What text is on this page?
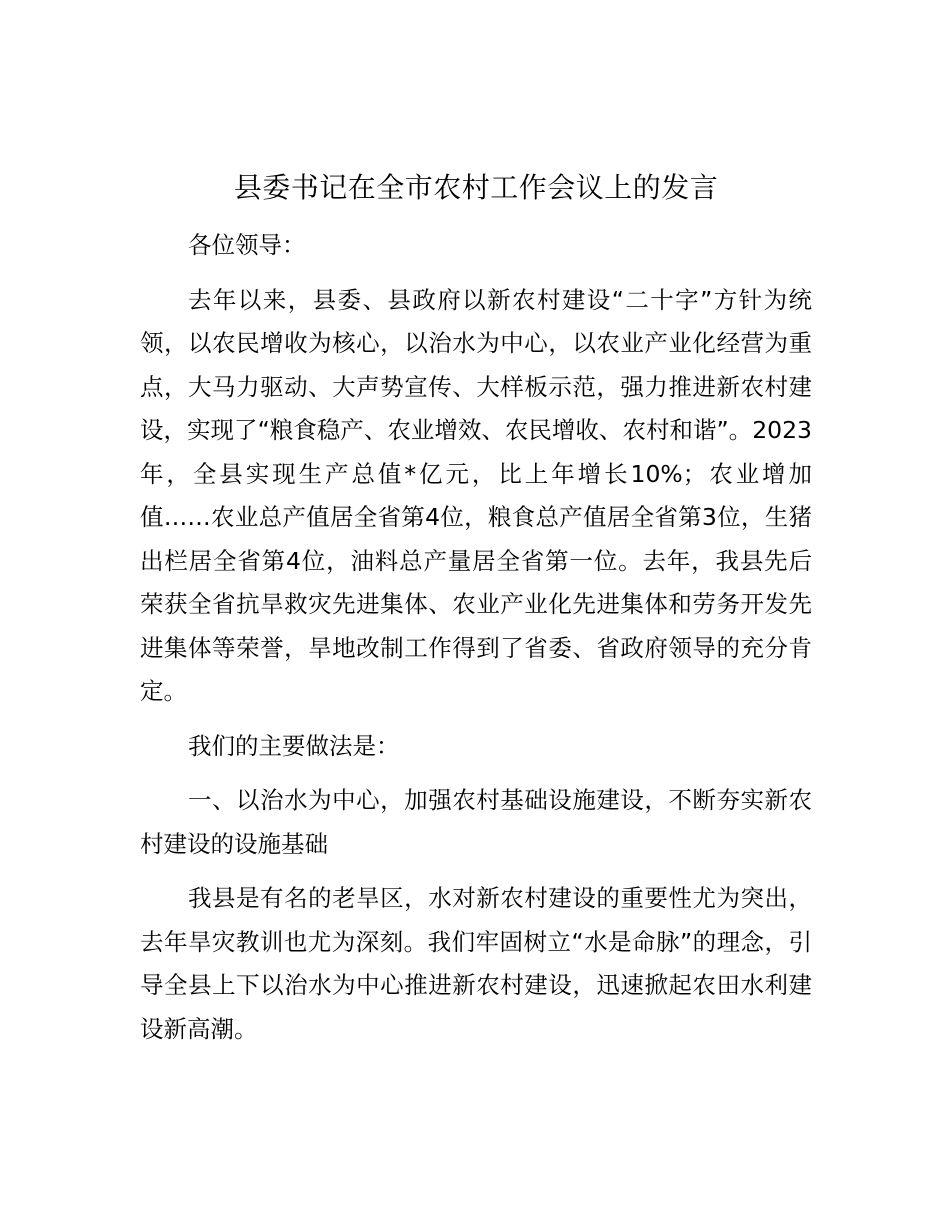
县委书记在全市农村工作会议上的发言

各位领导：

去年以来，县委、县政府以新农村建设“二十字”方针为统领，以农民增收为核心，以治水为中心，以农业产业化经营为重点，大马力驱动、大声势宣传、大样板示范，强力推进新农村建设，实现了“粮食稳产、农业增效、农民增收、农村和谐”。2023年，全县实现生产总值*亿元，比上年增长10%；农业增加值……农业总产值居全省第4位，粮食总产值居全省第3位，生猪出栏居全省第4位，油料总产量居全省第一位。去年，我县先后荣获全省抗旱救灾先进集体、农业产业化先进集体和劳务开发先进集体等荣誉，旱地改制工作得到了省委、省政府领导的充分肯定。

我们的主要做法是：

一、以治水为中心，加强农村基础设施建设，不断夯实新农村建设的设施基础

我县是有名的老旱区，水对新农村建设的重要性尤为突出，去年旱灾教训也尤为深刻。我们牢固树立“水是命脉”的理念，引导全县上下以治水为中心推进新农村建设，迅速掀起农田水利建设新高潮。
